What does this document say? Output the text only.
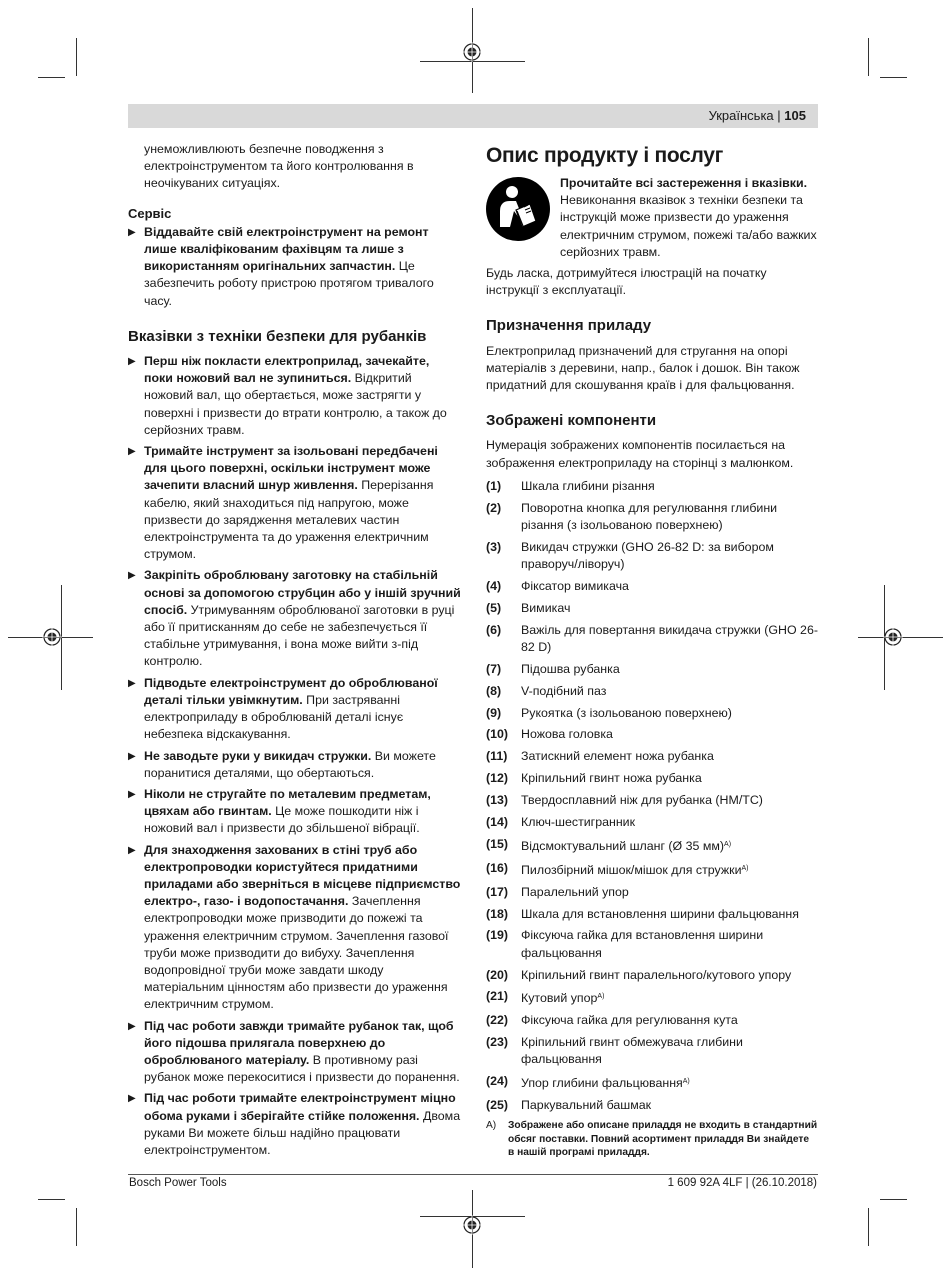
Українська | 105

унеможливлюють безпечне поводження з електроінструментом та його контролювання в неочікуваних ситуаціях.

Сервіс

▶ Віддавайте свій електроінструмент на ремонт лише кваліфікованим фахівцям та лише з використанням оригінальних запчастин. Це забезпечить роботу пристрою протягом тривалого часу.

Вказівки з техніки безпеки для рубанків

▶ Перш ніж покласти електроприлад, зачекайте, поки ножовий вал не зупиниться. Відкритий ножовий вал, що обертається, може застрягти у поверхні і призвести до втрати контролю, а також до серйозних травм.
▶ Тримайте інструмент за ізольовані передбачені для цього поверхні, оскільки інструмент може зачепити власний шнур живлення. Перерізання кабелю, який знаходиться під напругою, може призвести до зарядження металевих частин електроінструмента та до ураження електричним струмом.
▶ Закріпіть оброблювану заготовку на стабільній основі за допомогою струбцин або у іншій зручний спосіб. Утримуванням оброблюваної заготовки в руці або її притисканням до себе не забезпечується її стабільне утримування, і вона може вийти з-під контролю.
▶ Підводьте електроінструмент до оброблюваної деталі тільки увімкнутим. При застряванні електроприладу в оброблюваній деталі існує небезпека відскакування.
▶ Не заводьте руки у викидач стружки. Ви можете поранитися деталями, що обертаються.
▶ Ніколи не стругайте по металевим предметам, цвяхам або гвинтам. Це може пошкодити ніж і ножовий вал і призвести до збільшеної вібрації.
▶ Для знаходження захованих в стіні труб або електропроводки користуйтеся придатними приладами або зверніться в місцеве підприємство електро-, газо- і водопостачання. Зачеплення електропроводки може призводити до пожежі та ураження електричним струмом. Зачеплення газової труби може призводити до вибуху. Зачеплення водопровідної труби може завдати шкоду матеріальним цінностям або призвести до ураження електричним струмом.
▶ Під час роботи завжди тримайте рубанок так, щоб його підошва прилягала поверхнею до оброблюваного матеріалу. В противному разі рубанок може перекоситися і призвести до поранення.
▶ Під час роботи тримайте електроінструмент міцно обома руками і зберігайте стійке положення. Двома руками Ви можете більш надійно працювати електроінструментом.

Опис продукту і послуг

Прочитайте всі застереження і вказівки. Невиконання вказівок з техніки безпеки та інструкцій може призвести до ураження електричним струмом, пожежі та/або важких серйозних травм.

Будь ласка, дотримуйтеся ілюстрацій на початку інструкції з експлуатації.

Призначення приладу

Електроприлад призначений для стругання на опорі матеріалів з деревини, напр., балок і дошок. Він також придатний для скошування країв і для фальцювання.

Зображені компоненти

Нумерація зображених компонентів посилається на зображення електроприладу на сторінці з малюнком.

(1)	Шкала глибини різання
(2)	Поворотна кнопка для регулювання глибини різання (з ізольованою поверхнею)
(3)	Викидач стружки (GHO 26-82 D: за вибором праворуч/ліворуч)
(4)	Фіксатор вимикача
(5)	Вимикач
(6)	Важіль для повертання викидача стружки (GHO 26-82 D)
(7)	Підошва рубанка
(8)	V-подібний паз
(9)	Рукоятка (з ізольованою поверхнею)
(10)	Ножова головка
(11)	Затискний елемент ножа рубанка
(12)	Кріпильний гвинт ножа рубанка
(13)	Твердосплавний ніж для рубанка (HM/TC)
(14)	Ключ-шестигранник
(15)	Відсмоктувальний шланг (Ø 35 мм)$^{A)}$
(16)	Пилозбірний мішок/мішок для стружки$^{A)}$
(17)	Паралельний упор
(18)	Шкала для встановлення ширини фальцювання
(19)	Фіксуюча гайка для встановлення ширини фальцювання
(20)	Кріпильний гвинт паралельного/кутового упору
(21)	Кутовий упор$^{A)}$
(22)	Фіксуюча гайка для регулювання кута
(23)	Кріпильний гвинт обмежувача глибини фальцювання
(24)	Упор глибини фальцювання$^{A)}$
(25)	Паркувальний башмак
A)	Зображене або описане приладдя не входить в стандартний обсяг поставки. Повний асортимент приладдя Ви знайдете в нашій програмі приладдя.
Bosch Power Tools	1 609 92A 4LF | (26.10.2018)
